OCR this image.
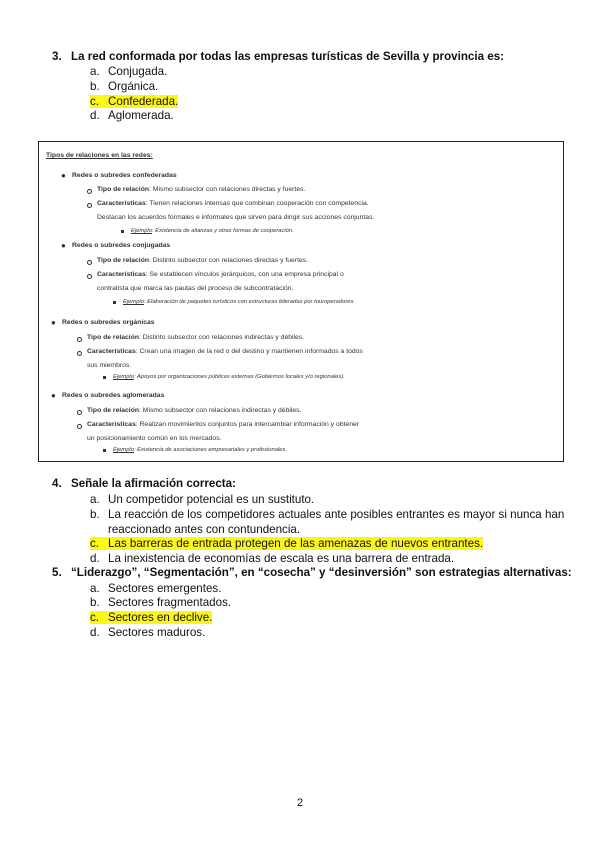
3. La red conformada por todas las empresas turísticas de Sevilla y provincia es:
a. Conjugada.
b. Orgánica.
c. Confederada.
d. Aglomerada.
Tipos de relaciones en las redes:
● Redes o subredes confederadas
Tipo de relación: Mismo subsector con relaciones directas y fuertes.
Características: Tienen relaciones intensas que combinan cooperación con competencia.
Destacan los acuerdos formales e informales que sirven para dirigir sus acciones conjuntas.
Ejemplo: Existencia de alianzas y otras formas de cooperación.
● Redes o subredes conjugadas
Tipo de relación: Distinto subsector con relaciones directas y fuertes.
Características: Se establecen vínculos jerárquicos, con una empresa principal o
contratista que marca las pautas del proceso de subcontratación.
Ejemplo: Elaboración de paquetes turísticos con estructuras lideradas por touroperadores.
● Redes o subredes orgánicas
Tipo de relación: Distinto subsector con relaciones indirectas y débiles.
Características: Crean una imagen de la red o del destino y mantienen informados a todos
sus miembros.
Ejemplo: Apoyos por organizaciones públicas externas (Gobiernos locales y/o regionales).
● Redes o subredes aglomeradas
Tipo de relación: Mismo subsector con relaciones indirectas y débiles.
Características: Realizan movimientos conjuntos para intercambiar información y obtener
un posicionamiento común en los mercados.
Ejemplo: Existencia de asociaciones empresariales y profesionales.
4. Señale la afirmación correcta:
a. Un competidor potencial es un sustituto.
b. La reacción de los competidores actuales ante posibles entrantes es mayor si nunca han
reaccionado antes con contundencia.
c. Las barreras de entrada protegen de las amenazas de nuevos entrantes.
d. La inexistencia de economías de escala es una barrera de entrada.
5. “Liderazgo”, “Segmentación”, en “cosecha” y “desinversión” son estrategias alternativas:
a. Sectores emergentes.
b. Sectores fragmentados.
c. Sectores en declive.
d. Sectores maduros.
2
